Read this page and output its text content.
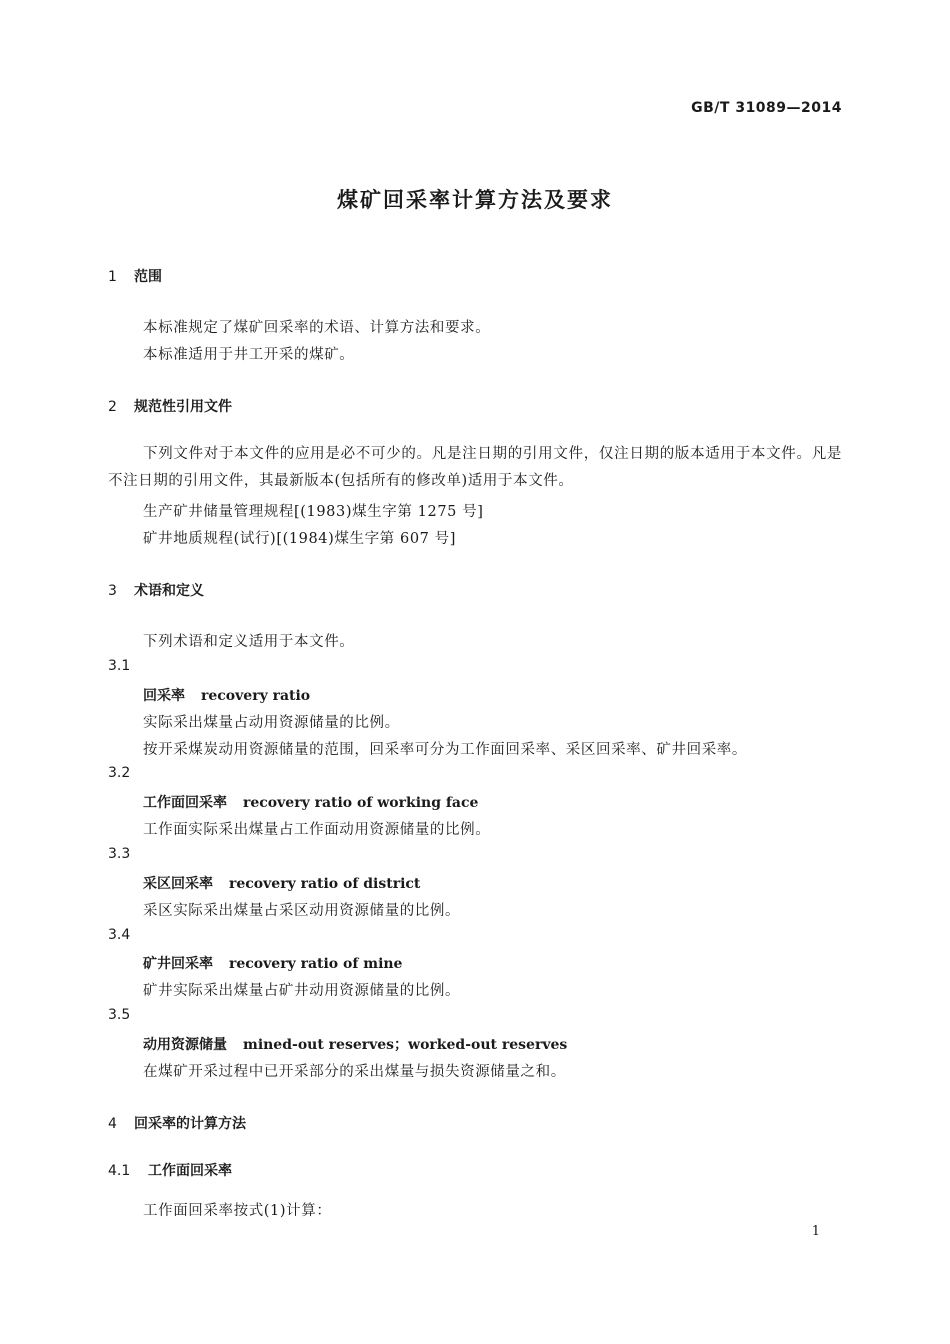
GB/T 31089—2014
煤矿回采率计算方法及要求
1 范围
本标准规定了煤矿回采率的术语、计算方法和要求。
本标准适用于井工开采的煤矿。
2 规范性引用文件
下列文件对于本文件的应用是必不可少的。凡是注日期的引用文件，仅注日期的版本适用于本文件。凡是不注日期的引用文件，其最新版本(包括所有的修改单)适用于本文件。
生产矿井储量管理规程[(1983)煤生字第 1275 号]
矿井地质规程(试行)[(1984)煤生字第 607 号]
3 术语和定义
下列术语和定义适用于本文件。
3.1
回采率 recovery ratio
实际采出煤量占动用资源储量的比例。
按开采煤炭动用资源储量的范围，回采率可分为工作面回采率、采区回采率、矿井回采率。
3.2
工作面回采率 recovery ratio of working face
工作面实际采出煤量占工作面动用资源储量的比例。
3.3
采区回采率 recovery ratio of district
采区实际采出煤量占采区动用资源储量的比例。
3.4
矿井回采率 recovery ratio of mine
矿井实际采出煤量占矿井动用资源储量的比例。
3.5
动用资源储量 mined-out reserves；worked-out reserves
在煤矿开采过程中已开采部分的采出煤量与损失资源储量之和。
4 回采率的计算方法
4.1 工作面回采率
工作面回采率按式(1)计算：
1
